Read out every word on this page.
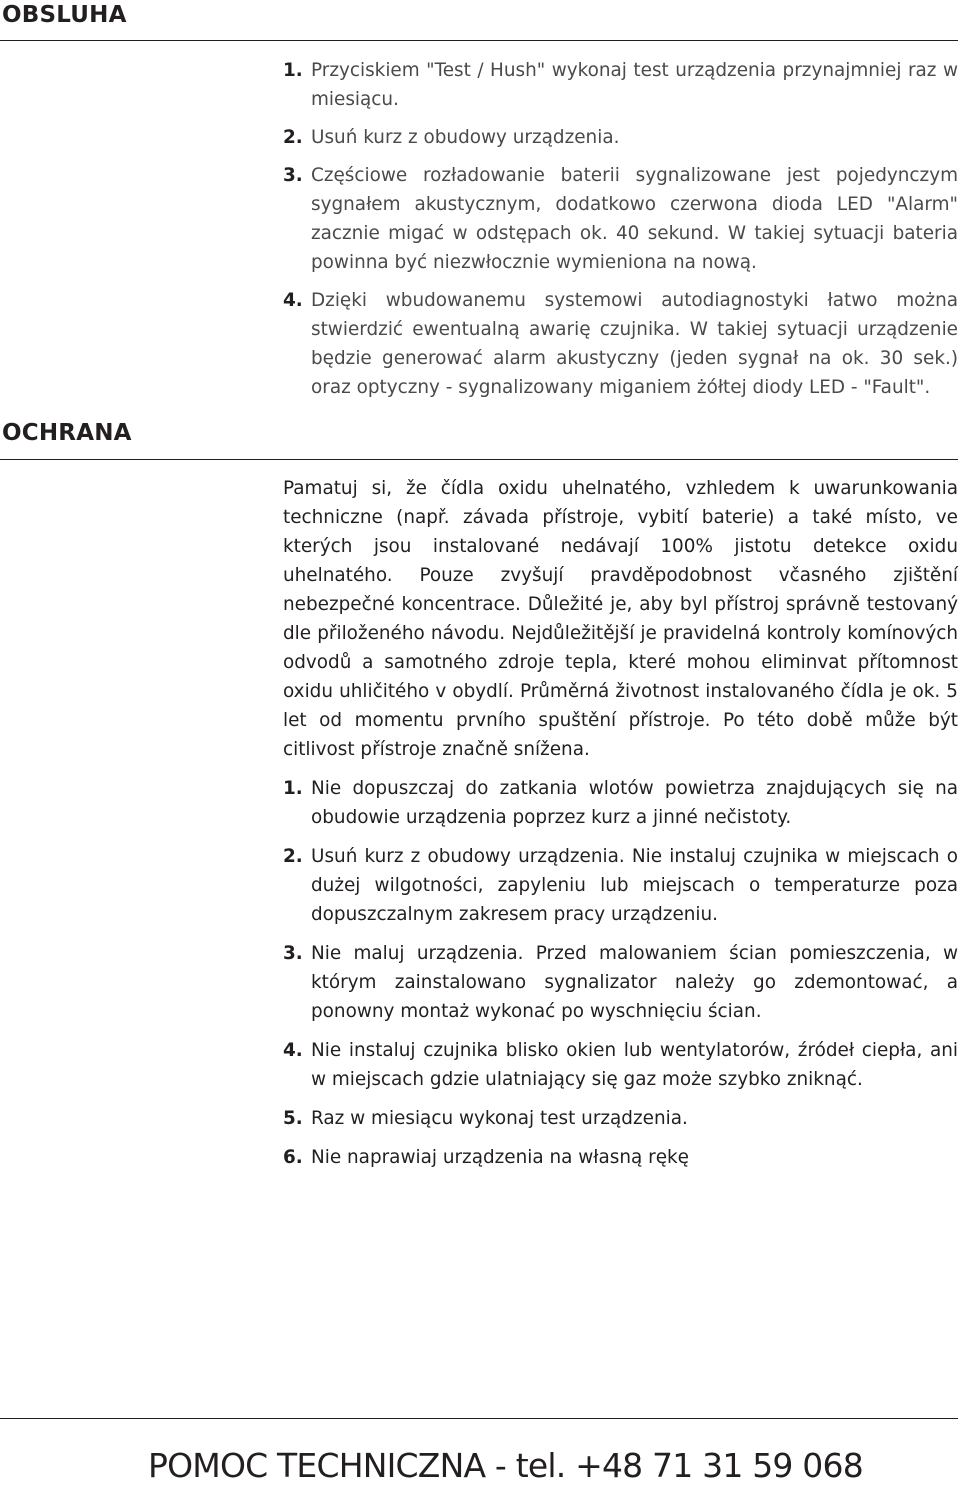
OBSLUHA
1. Przyciskiem "Test / Hush" wykonaj test urządzenia przynajmniej raz w miesiącu.
2. Usuń kurz z obudowy urządzenia.
3. Częściowe rozładowanie baterii sygnalizowane jest pojedynczym sygnałem akustycznym, dodatkowo czerwona dioda LED "Alarm" zacznie migać w odstępach ok. 40 sekund. W takiej sytuacji bateria powinna być niezwłocznie wymieniona na nową.
4. Dzięki wbudowanemu systemowi autodiagnostyki łatwo można stwierdzić ewentualną awarię czujnika. W takiej sytuacji urządzenie będzie generować alarm akustyczny (jeden sygnał na ok. 30 sek.) oraz optyczny - sygnalizowany miganiem żółtej diody LED - "Fault".
OCHRANA

Pamatuj si, že čídla oxidu uhelnatého, vzhledem k uwarunkowania techniczne (např. závada přístroje, vybití baterie) a také místo, ve kterých jsou instalované nedávají 100% jistotu detekce oxidu uhelnatého. Pouze zvyšují pravděpodobnost včasného zjištění nebezpečné koncentrace. Důležité je, aby byl přístroj správně testovaný dle přiloženého návodu. Nejdůležitější je pravidelná kontroly komínových odvodů a samotného zdroje tepla, které mohou eliminvat přítomnost oxidu uhličitého v obydlí. Průměrná životnost instalovaného čídla je ok. 5 let od momentu prvního spuštění přístroje. Po této době může být citlivost přístroje značně snížena.

1. Nie dopuszczaj do zatkania wlotów powietrza znajdujących się na obudowie urządzenia poprzez kurz a jinné nečistoty.
2. Usuń kurz z obudowy urządzenia. Nie instaluj czujnika w miejscach o dużej wilgotności, zapyleniu lub miejscach o temperaturze poza dopuszczalnym zakresem pracy urządzeniu.
3. Nie maluj urządzenia. Przed malowaniem ścian pomieszczenia, w którym zainstalowano sygnalizator należy go zdemontować, a ponowny montaż wykonać po wyschnięciu ścian.
4. Nie instaluj czujnika blisko okien lub wentylatorów, źródeł ciepła, ani w miejscach gdzie ulatniający się gaz może szybko zniknąć.
5. Raz w miesiącu wykonaj test urządzenia.
6. Nie naprawiaj urządzenia na własną rękę
POMOC TECHNICZNA - tel. +48 71 31 59 068
